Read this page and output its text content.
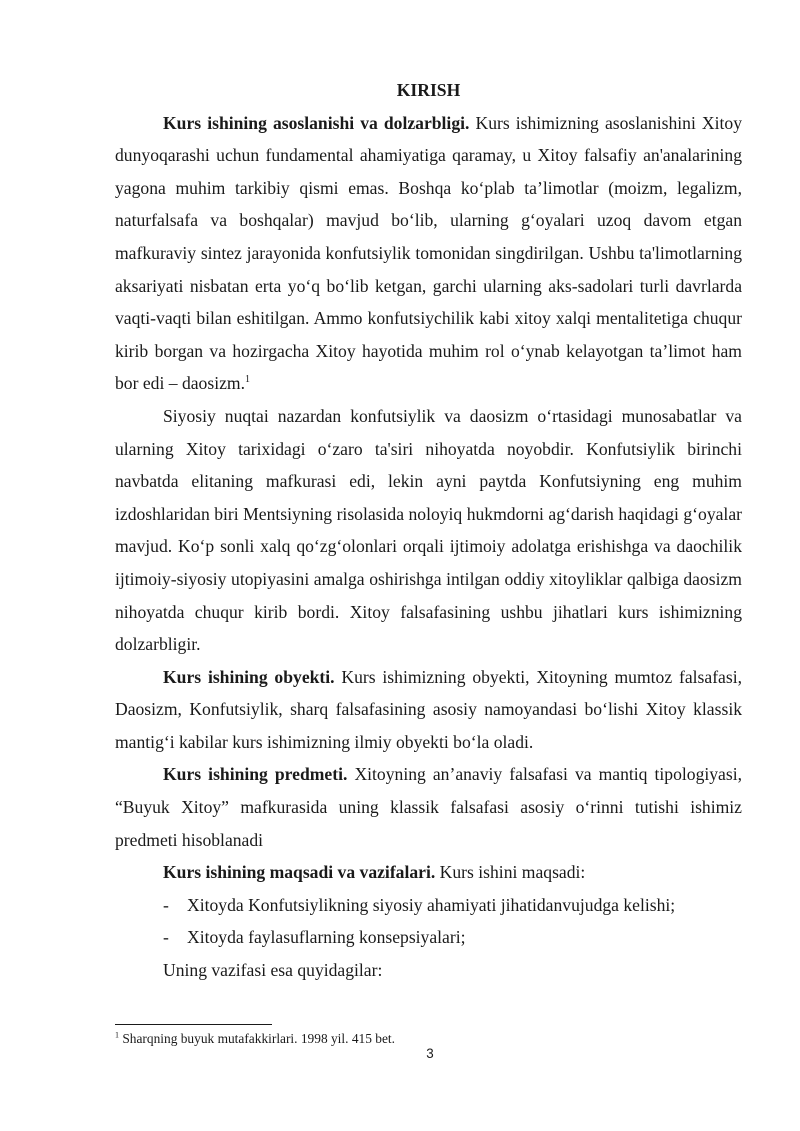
KIRISH

Kurs ishining asoslanishi va dolzarbligi. Kurs ishimizning asoslanishini Xitoy dunyoqarashi uchun fundamental ahamiyatiga qaramay, u Xitoy falsafiy an'analarining yagona muhim tarkibiy qismi emas. Boshqa ko‘plab ta’limotlar (moizm, legalizm, naturfalsafa va boshqalar) mavjud bo‘lib, ularning g‘oyalari uzoq davom etgan mafkuraviy sintez jarayonida konfutsiylik tomonidan singdirilgan. Ushbu ta'limotlarning aksariyati nisbatan erta yo‘q bo‘lib ketgan, garchi ularning aks-sadolari turli davrlarda vaqti-vaqti bilan eshitilgan. Ammo konfutsiychilik kabi xitoy xalqi mentalitetiga chuqur kirib borgan va hozirgacha Xitoy hayotida muhim rol o‘ynab kelayotgan ta’limot ham bor edi – daosizm.$^1$

Siyosiy nuqtai nazardan konfutsiylik va daosizm o‘rtasidagi munosabatlar va ularning Xitoy tarixidagi o‘zaro ta'siri nihoyatda noyobdir. Konfutsiylik birinchi navbatda elitaning mafkurasi edi, lekin ayni paytda Konfutsiyning eng muhim izdoshlaridan biri Mentsiyning risolasida noloyiq hukmdorni ag‘darish haqidagi g‘oyalar mavjud. Ko‘p sonli xalq qo‘zg‘olonlari orqali ijtimoiy adolatga erishishga va daochilik ijtimoiy-siyosiy utopiyasini amalga oshirishga intilgan oddiy xitoyliklar qalbiga daosizm nihoyatda chuqur kirib bordi. Xitoy falsafasining ushbu jihatlari kurs ishimizning dolzarbligir.

Kurs ishining obyekti. Kurs ishimizning obyekti, Xitoyning mumtoz falsafasi, Daosizm, Konfutsiylik, sharq falsafasining asosiy namoyandasi bo‘lishi Xitoy klassik mantig‘i kabilar kurs ishimizning ilmiy obyekti bo‘la oladi.

Kurs ishining predmeti. Xitoyning an’anaviy falsafasi va mantiq tipologiyasi, “Buyuk Xitoy” mafkurasida uning klassik falsafasi asosiy o‘rinni tutishi ishimiz predmeti hisoblanadi

Kurs ishining maqsadi va vazifalari. Kurs ishini maqsadi:

- Xitoyda Konfutsiylikning siyosiy ahamiyati jihatidanvujudga kelishi;
- Xitoyda faylasuflarning konsepsiyalari;

Uning vazifasi esa quyidagilar:

$^1$ Sharqning buyuk mutafakkirlari. 1998 yil. 415 bet.
3
